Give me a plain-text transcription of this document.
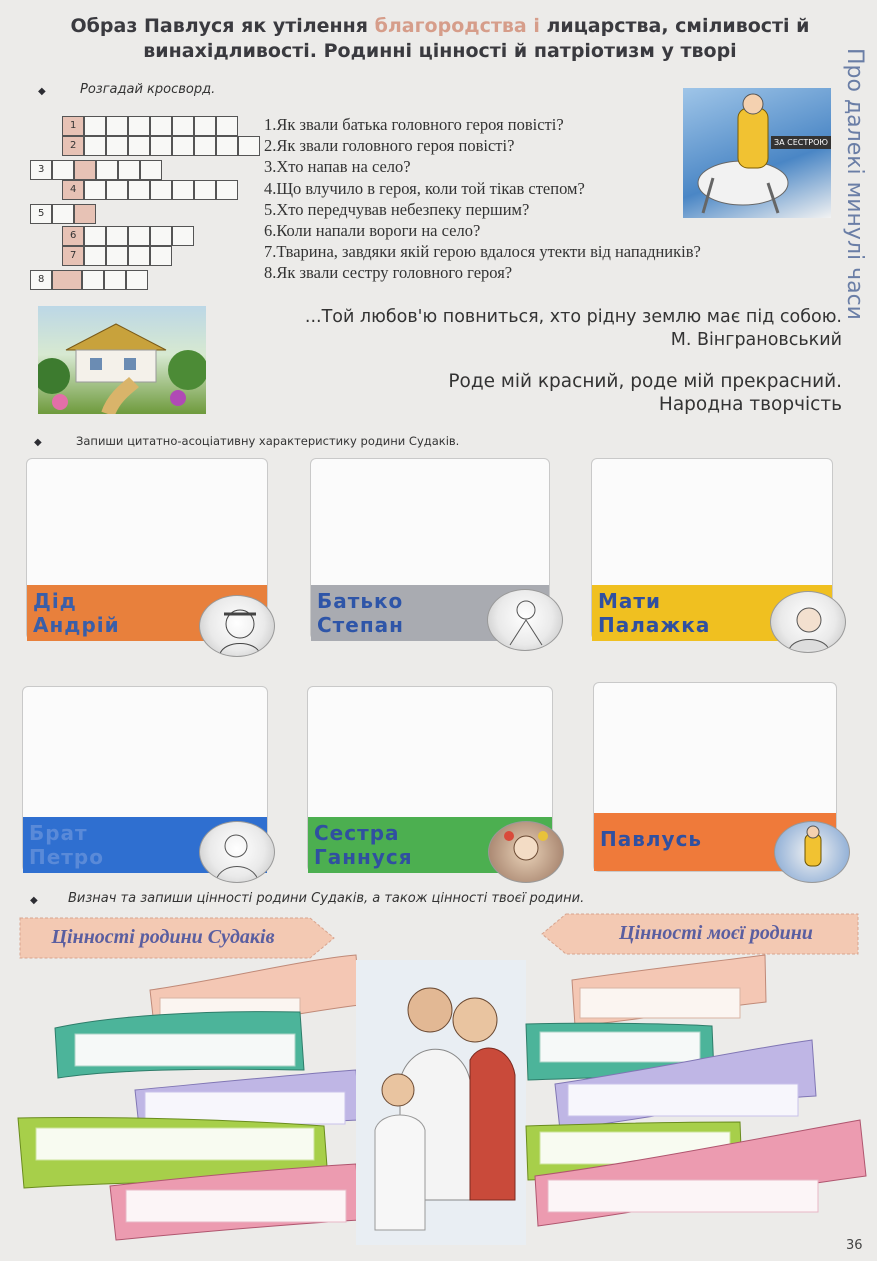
Образ Павлуся як утілення благородства і лицарства, сміливості й
винахідливості. Родинні цінності й патріотизм у творі	Про далекі минулі часи
◆	Розгадай кросворд.
1
2
3
4
5
6
7
8
1.Як звали батька головного героя повісті?
2.Як звали головного героя повісті?
3.Хто напав на село?
4.Що влучило в героя, коли той тікав степом?
5.Хто передчував небезпеку першим?
6.Коли напали вороги на село?
7.Тварина, завдяки якій герою вдалося утекти від нападників?
8.Як звали сестру головного героя?
ЗА СЕСТРОЮ
...Той любов'ю повниться, хто рідну землю має під собою.
М. Вінграновський
Роде мій красний, роде мій прекрасний.
Народна творчість
◆	Запиши цитатно-асоціативну характеристику родини Судаків.
Дід
Андрій
Батько
Степан
Мати
Палажка
Брат
Петро
Сестра
Ганнуся
Павлусь
◆ Визнач та запиши цінності родини Судаків, а також цінності твоєї родини.
Цінності родини Судаків	Цінності моєї родини
36
